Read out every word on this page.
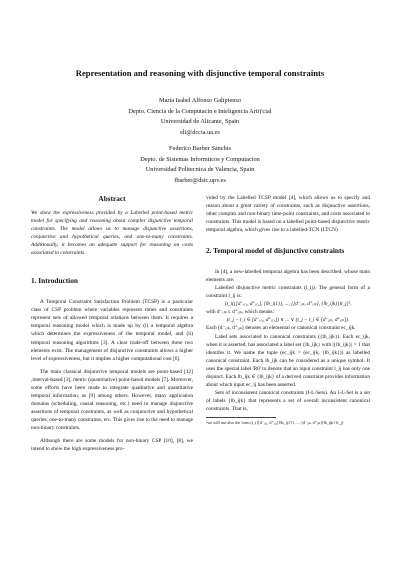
Representation and reasoning with disjunctive temporal constraints
Maria Isabel Alfonso Galipienso
Depto. Ciencia de la Computacin e Inteligencia Artiƒcial
Universidad de Alicante, Spain
eli@dccia.ua.es
Federico Barber Sanchis
Depto. de Sistemas Informticos y Computacion
Universidad Politecnica de Valencia, Spain
fbarber@dsic.upv.es
Abstract

We show the expressiveness provided by a Labelled point-based metric model for specifying and reasoning about complex disjunctive temporal constraints. The model allows us to manage disjunctive assertions, conjunctive and hypothetical queries, and one-to-many constraints. Additionally, it becomes an adequate support for reasoning on costs associated to constraints.

1. Introduction

A Temporal Constraint Satisfaction Problem (TCSP) is a particular class of CSP problem where variables represent times and constraints represent sets of allowed temporal relations between them. It requires a temporal reasoning model which is made up by (i) a temporal algebra which determines the expressiveness of the temporal model, and (ii) temporal reasoning algorithms [3]. A clear trade-off between these two elements exist. The management of disjunctive constraints allows a higher level of expressiveness, but it implies a higher computational cost [6].

The main classical disjunctive temporal models are point-based [12] ,interval-based [3], metric (quantitative) point-based models [7]. Moreover, some efforts have been made to integrate qualitative and quantitative temporal information, as [9] among others. However, many application domains (scheduling, causal reasoning, etc.) need to manage disjunctive assertions of temporal constraints, as well as conjunctive and hypothetical queries, one-to-many constraints, etc. This gives rise to the need to manage non-binary constraints.

Although there are some models for non-binary CSP [10], [8], we intend to show the high expressiveness pro-

vided by the Labelled TCSP model [4], which allows us to specify and reason about a great variety of constraints, such as disjunctive assertions, other complex and non-binary time-point constraints, and costs associated to constraints. This model is based on a labelled point-based disjunctive metric temporal algebra, which gives rise to a labelled-TCN (LTCN)

2. Temporal model of disjunctive constraints

In [4], a new-labelled temporal algebra has been described, whose main elements are:

Labelled disjunctive metric constraints (l_ij). The general form of a constraint l_ij is:

{t_i({[d⁻ᵢⱼ₁, d⁺ᵢⱼ₁], {lb_ij1}}, ..., {[d⁻ᵢⱼₖ, d⁺ᵢⱼₖ], {lb_ijk}})t_j}¹,

with d⁻ᵢⱼₖ ≤ d⁺ᵢⱼₖ, which means:

(t_j − t_i ∈ [d⁻ᵢⱼ₁, d⁺ᵢⱼ₁]) ∨ ... ∨ (t_j − t_i ∈ [d⁻ᵢⱼₖ, d⁺ᵢⱼₖ]).

Each [d⁻ᵢⱼₖ, d⁺ᵢⱼₖ] denotes an elemental or canonical constraint ec_ijk.

Label sets associated to canonical constraints ({lb_ijk}). Each ec_ijk, when it is asserted, has associated a label set {lb_ijk} with |{lb_ijk}| = 1 that identifes it. We name the tuple (ec_ijk = (ec_ijk, {lb_ijk})) as labelled canonical constraint. Each lb_ijk can be considered as a unique symbol. It uses the special label 'R0' to denote that an input constraint l_ij has only one disjunct. Each lb_ijk ∈ {lb_ijk} of a derived constraint provides information about which input ec_ij has been asserted.

Sets of inconsistent canonical constraints (I-L-Sets). An I-L-Set is a set of labels {lb_ijk} that represents a set of overall inconsistent canonical constraints. That is,

¹we will use also the form (t_i{[d⁻ᵢⱼ₁, d⁺ᵢⱼ₁]{lb_ij1}}, ..., [d⁻ᵢⱼₖ, d⁺ᵢⱼₖ]{lb_ijk}}t_j)
